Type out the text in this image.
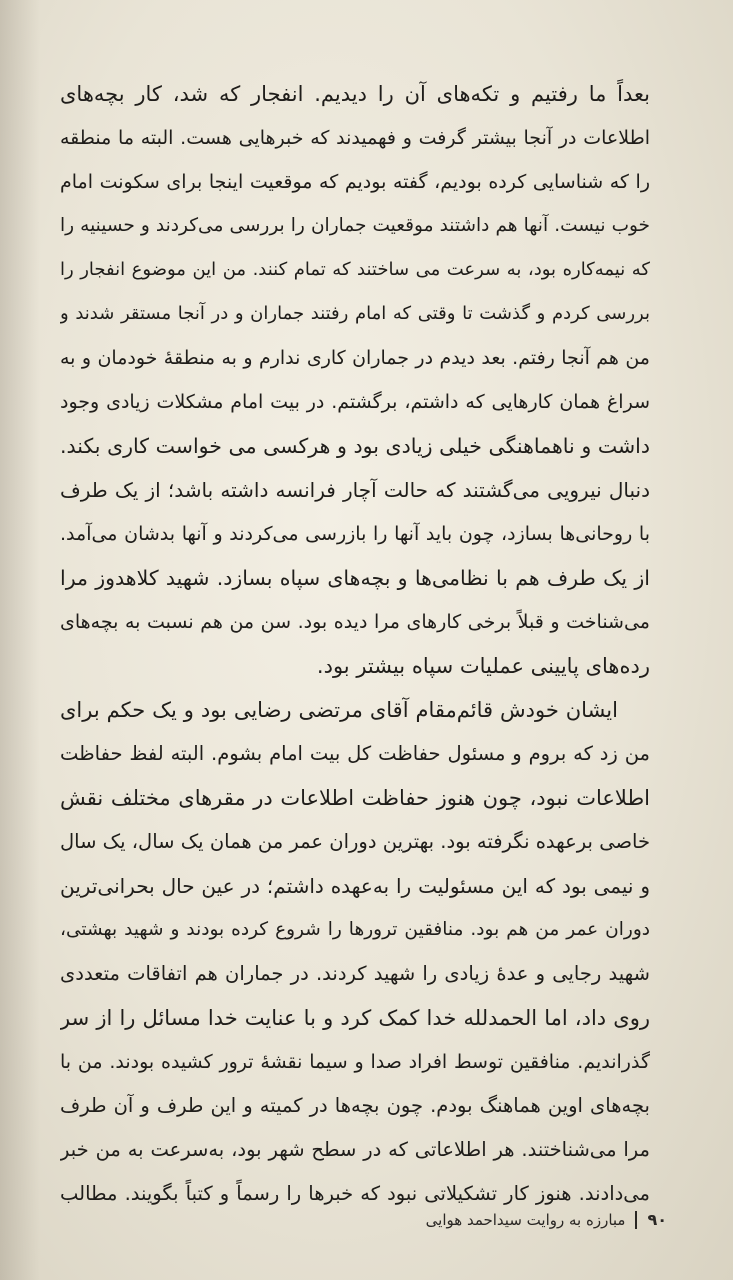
بعداً ما رفتیم و تکه‌های آن را دیدیم. انفجار که شد، کار بچه‌های
اطلاعات در آنجا بیشتر گرفت و فهمیدند که خبرهایی هست. البته ما منطقه
را که شناسایی کرده بودیم، گفته بودیم که موقعیت اینجا برای سکونت امام
خوب نیست. آنها هم داشتند موقعیت جماران را بررسی می‌کردند و حسینیه را
که نیمه‌کاره بود، به سرعت می ساختند که تمام کنند. من این موضوع انفجار را
بررسی کردم و گذشت تا وقتی که امام رفتند جماران و در آنجا مستقر شدند و
من هم آنجا رفتم. بعد دیدم در جماران کاری ندارم و به منطقهٔ خودمان و به
سراغ همان کارهایی که داشتم، برگشتم. در بیت امام مشکلات زیادی وجود
داشت و ناهماهنگی خیلی زیادی بود و هرکسی می خواست کاری بکند.
دنبال نیرویی می‌گشتند که حالت آچار فرانسه داشته باشد؛ از یک طرف
با روحانی‌ها بسازد، چون باید آنها را بازرسی می‌کردند و آنها بدشان می‌آمد.
از یک طرف هم با نظامی‌ها و بچه‌های سپاه بسازد. شهید کلاهدوز مرا
می‌شناخت و قبلاً برخی کارهای مرا دیده بود. سن من هم نسبت به بچه‌های
رده‌های پایینی عملیات سپاه بیشتر بود.
ایشان خودش قائم‌مقام آقای مرتضی رضایی بود و یک حکم برای
من زد که بروم و مسئول حفاظت کل بیت امام بشوم. البته لفظ حفاظت
اطلاعات نبود، چون هنوز حفاظت اطلاعات در مقرهای مختلف نقش
خاصی برعهده نگرفته بود. بهترین دوران عمر من همان یک سال، یک سال
و نیمی بود که این مسئولیت را به‌عهده داشتم؛ در عین حال بحرانی‌ترین
دوران عمر من هم بود. منافقین ترورها را شروع کرده بودند و شهید بهشتی،
شهید رجایی و عدهٔ زیادی را شهید کردند. در جماران هم اتفاقات متعددی
روی داد، اما الحمدلله خدا کمک کرد و با عنایت خدا مسائل را از سر
گذراندیم. منافقین توسط افراد صدا و سیما نقشهٔ ترور کشیده بودند. من با
بچه‌های اوین هماهنگ بودم. چون بچه‌ها در کمیته و این طرف و آن طرف
مرا می‌شناختند. هر اطلاعاتی که در سطح شهر بود، به‌سرعت به من خبر
می‌دادند. هنوز کار تشکیلاتی نبود که خبرها را رسماً و کتباً بگویند. مطالب
۹۰
مبارزه به روایت سیداحمد هوایی
